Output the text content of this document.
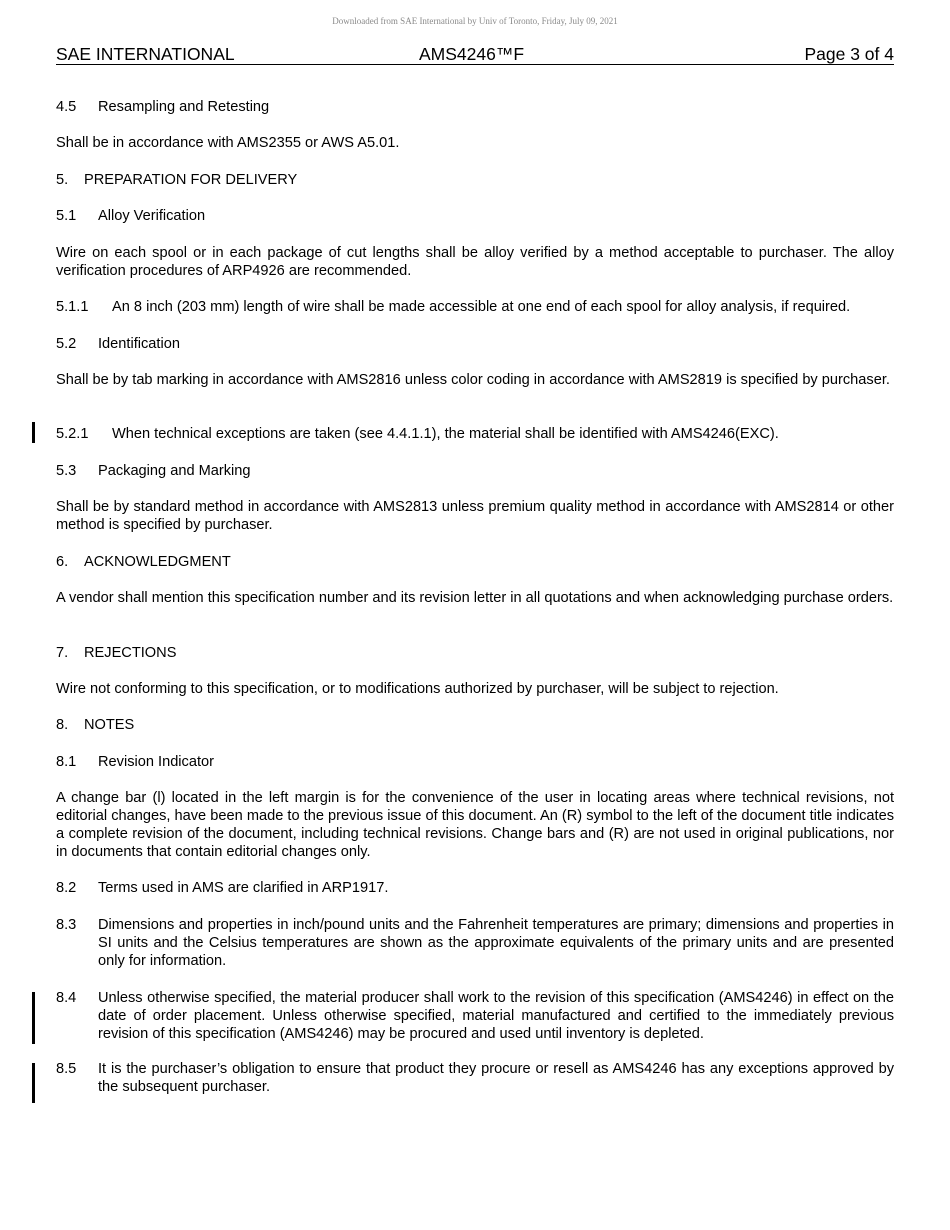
Downloaded from SAE International by Univ of Toronto, Friday, July 09, 2021
SAE INTERNATIONAL	AMS4246™F	Page 3 of 4
4.5 Resampling and Retesting
Shall be in accordance with AMS2355 or AWS A5.01.
5. PREPARATION FOR DELIVERY
5.1 Alloy Verification
Wire on each spool or in each package of cut lengths shall be alloy verified by a method acceptable to purchaser. The alloy verification procedures of ARP4926 are recommended.
5.1.1 An 8 inch (203 mm) length of wire shall be made accessible at one end of each spool for alloy analysis, if required.
5.2 Identification
Shall be by tab marking in accordance with AMS2816 unless color coding in accordance with AMS2819 is specified by purchaser.
5.2.1 When technical exceptions are taken (see 4.4.1.1), the material shall be identified with AMS4246(EXC).
5.3 Packaging and Marking
Shall be by standard method in accordance with AMS2813 unless premium quality method in accordance with AMS2814 or other method is specified by purchaser.
6. ACKNOWLEDGMENT
A vendor shall mention this specification number and its revision letter in all quotations and when acknowledging purchase orders.
7. REJECTIONS
Wire not conforming to this specification, or to modifications authorized by purchaser, will be subject to rejection.
8. NOTES
8.1 Revision Indicator
A change bar (l) located in the left margin is for the convenience of the user in locating areas where technical revisions, not editorial changes, have been made to the previous issue of this document. An (R) symbol to the left of the document title indicates a complete revision of the document, including technical revisions. Change bars and (R) are not used in original publications, nor in documents that contain editorial changes only.
8.2 Terms used in AMS are clarified in ARP1917.
8.3 Dimensions and properties in inch/pound units and the Fahrenheit temperatures are primary; dimensions and properties in SI units and the Celsius temperatures are shown as the approximate equivalents of the primary units and are presented only for information.
8.4 Unless otherwise specified, the material producer shall work to the revision of this specification (AMS4246) in effect on the date of order placement. Unless otherwise specified, material manufactured and certified to the immediately previous revision of this specification (AMS4246) may be procured and used until inventory is depleted.
8.5 It is the purchaser’s obligation to ensure that product they procure or resell as AMS4246 has any exceptions approved by the subsequent purchaser.
